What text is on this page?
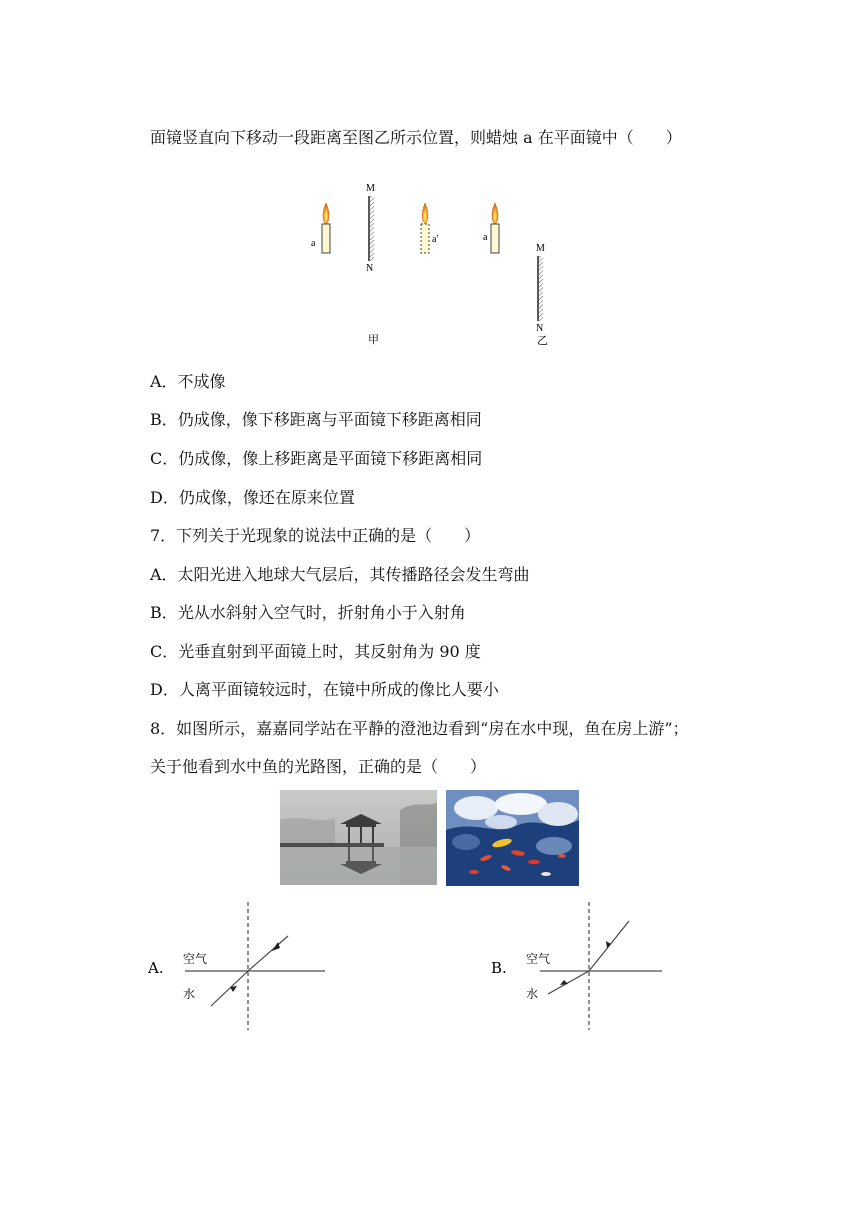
面镜竖直向下移动一段距离至图乙所示位置，则蜡烛 a 在平面镜中（　　）
a
M
N
a'
甲
a
M
N
乙
A．不成像
B．仍成像，像下移距离与平面镜下移距离相同
C．仍成像，像上移距离是平面镜下移距离相同
D．仍成像，像还在原来位置
7．下列关于光现象的说法中正确的是（　　）
A．太阳光进入地球大气层后，其传播路径会发生弯曲
B．光从水斜射入空气时，折射角小于入射角
C．光垂直射到平面镜上时，其反射角为 90 度
D．人离平面镜较远时，在镜中所成的像比人要小
8．如图所示，嘉嘉同学站在平静的澄池边看到“房在水中现，鱼在房上游”；
关于他看到水中鱼的光路图，正确的是（　　）
A. 空气
水
B. 空气
水
